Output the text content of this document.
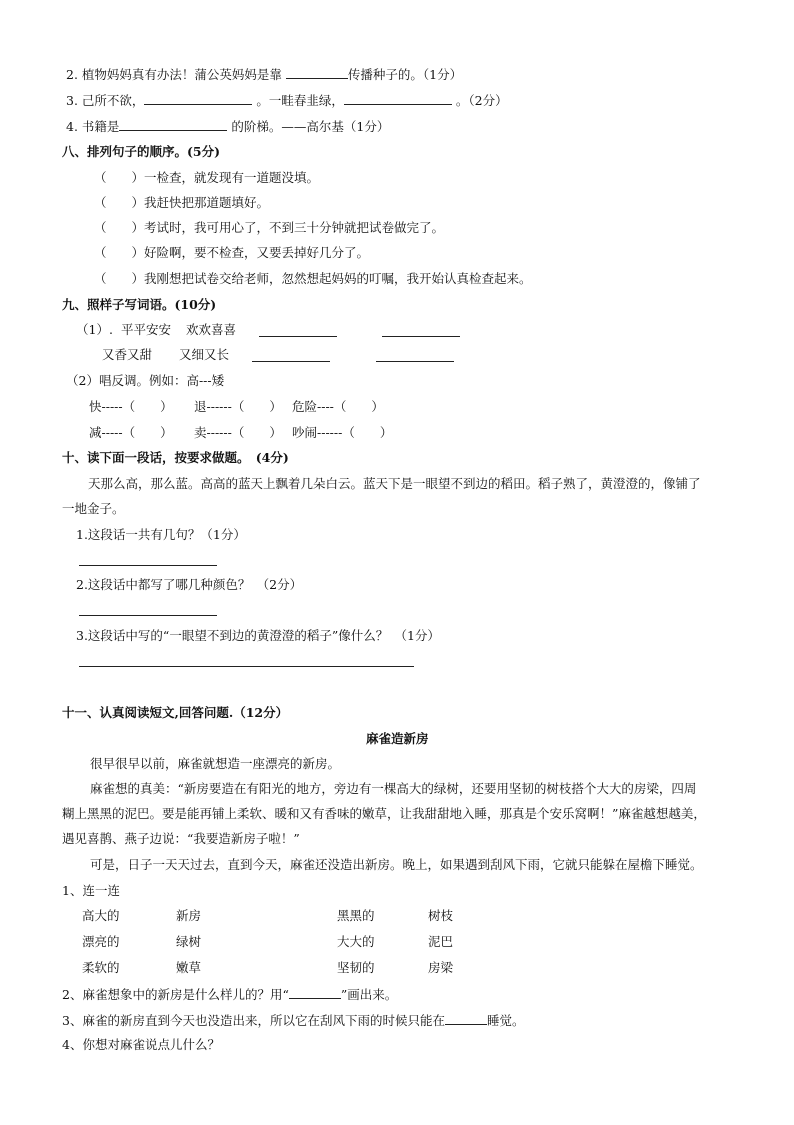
2. 植物妈妈真有办法！蒲公英妈妈是靠	传播种子的。（1分）
3. 己所不欲，	。一畦春韭绿，	。（2分）
4. 书籍是	的阶梯。——高尔基（1分）
八、排列句子的顺序。(5分)
（　　）一检查，就发现有一道题没填。
（　　）我赶快把那道题填好。
（　　）考试时，我可用心了，不到三十分钟就把试卷做完了。
（　　）好险啊，要不检查，又要丢掉好几分了。
（　　）我刚想把试卷交给老师，忽然想起妈妈的叮嘱，我开始认真检查起来。
九、照样子写词语。(10分)
（1）. 平平安安 欢欢喜喜
又香又甜 又细又长
（2）唱反调。例如：高---矮
快-----（　　） 退------（　　） 危险----（　　）
减-----（　　） 卖------（　　） 吵闹------（　　）
十、读下面一段话，按要求做题。　(4分)
天那么高，那么蓝。高高的蓝天上飘着几朵白云。蓝天下是一眼望不到边的稻田。稻子熟了，黄澄澄的，像铺了
一地金子。
1.这段话一共有几句？（1分）
2.这段话中都写了哪几种颜色？　（2分）
3.这段话中写的“一眼望不到边的黄澄澄的稻子”像什么？　（1分）
十一、认真阅读短文,回答问题.（12分）
麻雀造新房
很早很早以前，麻雀就想造一座漂亮的新房。
麻雀想的真美：“新房要造在有阳光的地方，旁边有一棵高大的绿树，还要用坚韧的树枝搭个大大的房梁，四周
糊上黑黑的泥巴。要是能再铺上柔软、暖和又有香味的嫩草，让我甜甜地入睡，那真是个安乐窝啊！”麻雀越想越美，
遇见喜鹊、燕子边说：“我要造新房子啦！”
可是，日子一天天过去，直到今天，麻雀还没造出新房。晚上，如果遇到刮风下雨，它就只能躲在屋檐下睡觉。
1、连一连
高大的	新房	黑黑的	树枝
漂亮的	绿树	大大的	泥巴
柔软的	嫩草	坚韧的	房梁
2、麻雀想象中的新房是什么样儿的？用“	”画出来。
3、麻雀的新房直到今天也没造出来，所以它在刮风下雨的时候只能在	睡觉。
4、你想对麻雀说点儿什么？
